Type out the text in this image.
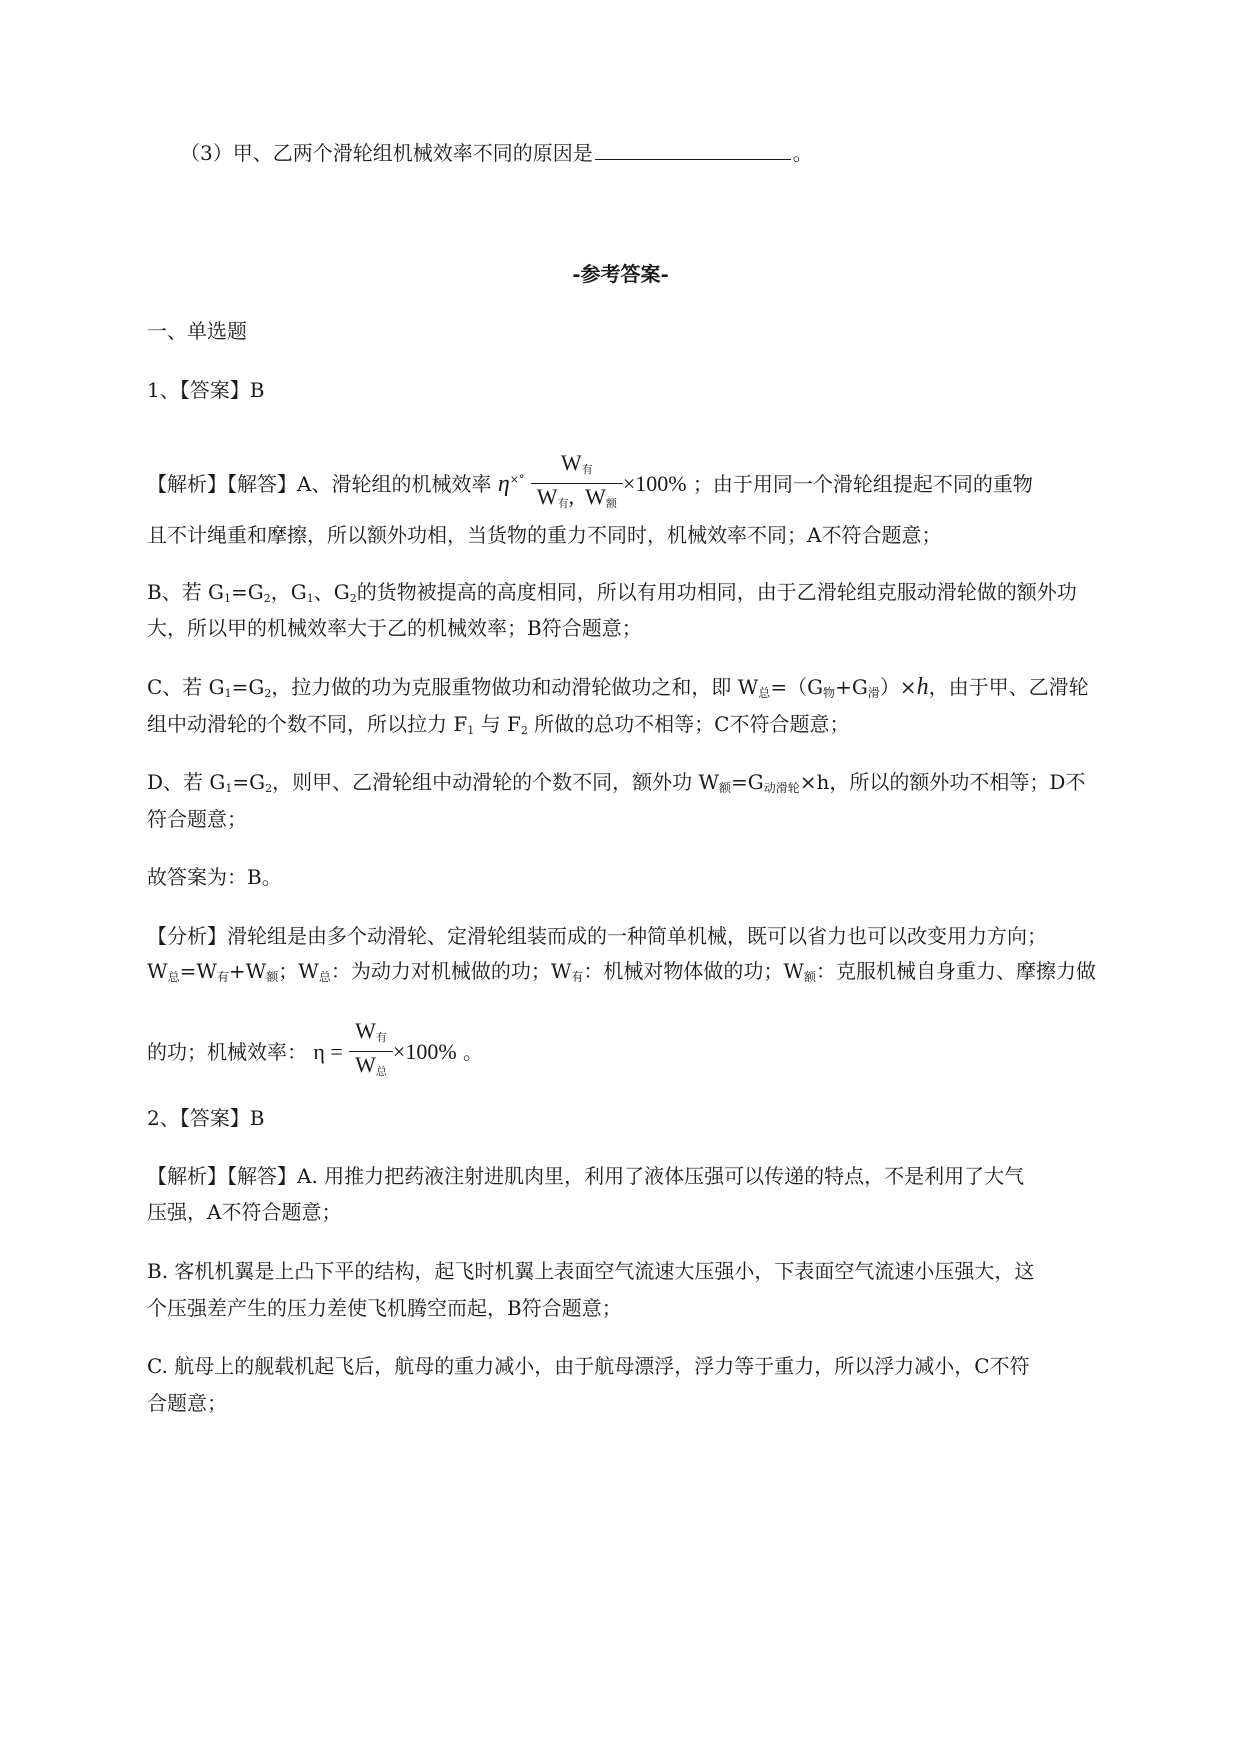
（3）甲、乙两个滑轮组机械效率不同的原因是	。
-参考答案-
一、单选题
1、【答案】B
【解析】【解答】A、滑轮组的机械效率 $\eta^{\times^\circ} \frac{W_有}{W_有, W_额} \times 100\%$ ；由于用同一个滑轮组提起不同的重物
且不计绳重和摩擦，所以额外功相，当货物的重力不同时，机械效率不同；A不符合题意；
B、若 $G_1=G_2$，$G_1$、$G_2$的货物被提高的高度相同，所以有用功相同，由于乙滑轮组克服动滑轮做的额外功
大，所以甲的机械效率大于乙的机械效率；B符合题意；
C、若 $G_1=G_2$，拉力做的功为克服重物做功和动滑轮做功之和，即 $W_总=(G_物+G_滑)\times h$，由于甲、乙滑轮
组中动滑轮的个数不同，所以拉力 $F_1$ 与 $F_2$ 所做的总功不相等；C不符合题意；
D、若 $G_1=G_2$，则甲、乙滑轮组中动滑轮的个数不同，额外功 $W_额=G_{动滑轮}\times h$，所以的额外功不相等；D不
符合题意；
故答案为：B。
【分析】滑轮组是由多个动滑轮、定滑轮组装而成的一种简单机械，既可以省力也可以改变用力方向；
$W_总=W_有+W_额$；$W_总$：为动力对机械做的功；$W_有$：机械对物体做的功；$W_额$：克服机械自身重力、摩擦力做
的功；机械效率： $\eta = \frac{W_有}{W_总} \times 100\%$ 。
2、【答案】B
【解析】【解答】A. 用推力把药液注射进肌肉里，利用了液体压强可以传递的特点，不是利用了大气
压强，A不符合题意；
B. 客机机翼是上凸下平的结构，起飞时机翼上表面空气流速大压强小，下表面空气流速小压强大，这
个压强差产生的压力差使飞机腾空而起，B符合题意；
C. 航母上的舰载机起飞后，航母的重力减小，由于航母漂浮，浮力等于重力，所以浮力减小，C不符
合题意；
